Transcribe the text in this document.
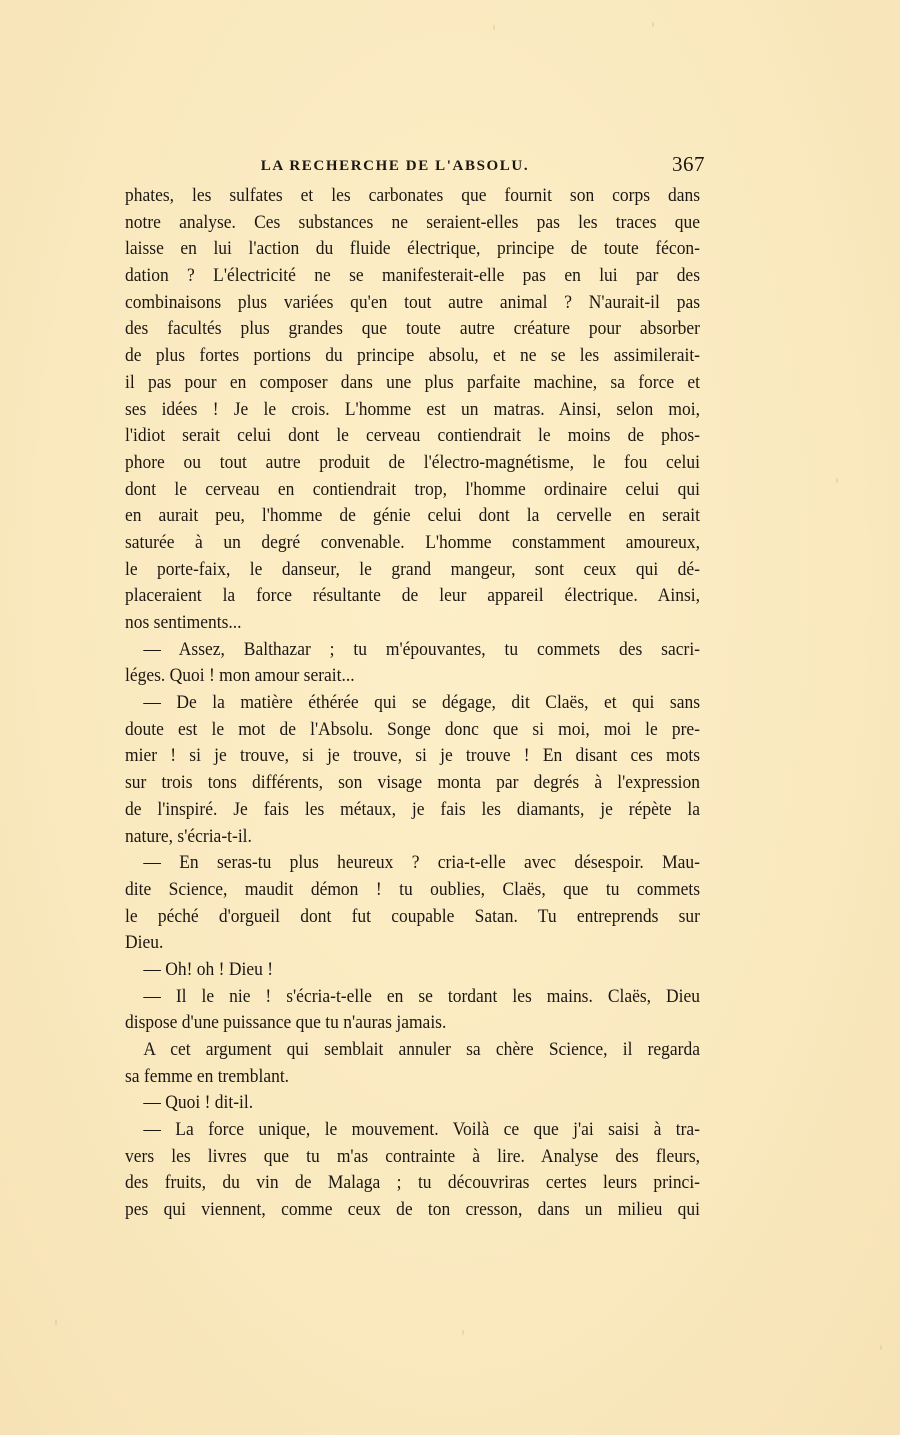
LA RECHERCHE DE L'ABSOLU.	367
phates, les sulfates et les carbonates que fournit son corps dans
notre analyse. Ces substances ne seraient-elles pas les traces que
laisse en lui l'action du fluide électrique, principe de toute fécon-
dation ? L'électricité ne se manifesterait-elle pas en lui par des
combinaisons plus variées qu'en tout autre animal ? N'aurait-il pas
des facultés plus grandes que toute autre créature pour absorber
de plus fortes portions du principe absolu, et ne se les assimilerait-
il pas pour en composer dans une plus parfaite machine, sa force et
ses idées ! Je le crois. L'homme est un matras. Ainsi, selon moi,
l'idiot serait celui dont le cerveau contiendrait le moins de phos-
phore ou tout autre produit de l'électro-magnétisme, le fou celui
dont le cerveau en contiendrait trop, l'homme ordinaire celui qui
en aurait peu, l'homme de génie celui dont la cervelle en serait
saturée à un degré convenable. L'homme constamment amoureux,
le porte-faix, le danseur, le grand mangeur, sont ceux qui dé-
placeraient la force résultante de leur appareil électrique. Ainsi,
nos sentiments...
— Assez, Balthazar ; tu m'épouvantes, tu commets des sacri-
léges. Quoi ! mon amour serait...
— De la matière éthérée qui se dégage, dit Claës, et qui sans
doute est le mot de l'Absolu. Songe donc que si moi, moi le pre-
mier ! si je trouve, si je trouve, si je trouve ! En disant ces mots
sur trois tons différents, son visage monta par degrés à l'expression
de l'inspiré. Je fais les métaux, je fais les diamants, je répète la
nature, s'écria-t-il.
— En seras-tu plus heureux ? cria-t-elle avec désespoir. Mau-
dite Science, maudit démon ! tu oublies, Claës, que tu commets
le péché d'orgueil dont fut coupable Satan. Tu entreprends sur
Dieu.
— Oh! oh ! Dieu !
— Il le nie ! s'écria-t-elle en se tordant les mains. Claës, Dieu
dispose d'une puissance que tu n'auras jamais.
A cet argument qui semblait annuler sa chère Science, il regarda
sa femme en tremblant.
— Quoi ! dit-il.
— La force unique, le mouvement. Voilà ce que j'ai saisi à tra-
vers les livres que tu m'as contrainte à lire. Analyse des fleurs,
des fruits, du vin de Malaga ; tu découvriras certes leurs princi-
pes qui viennent, comme ceux de ton cresson, dans un milieu qui
